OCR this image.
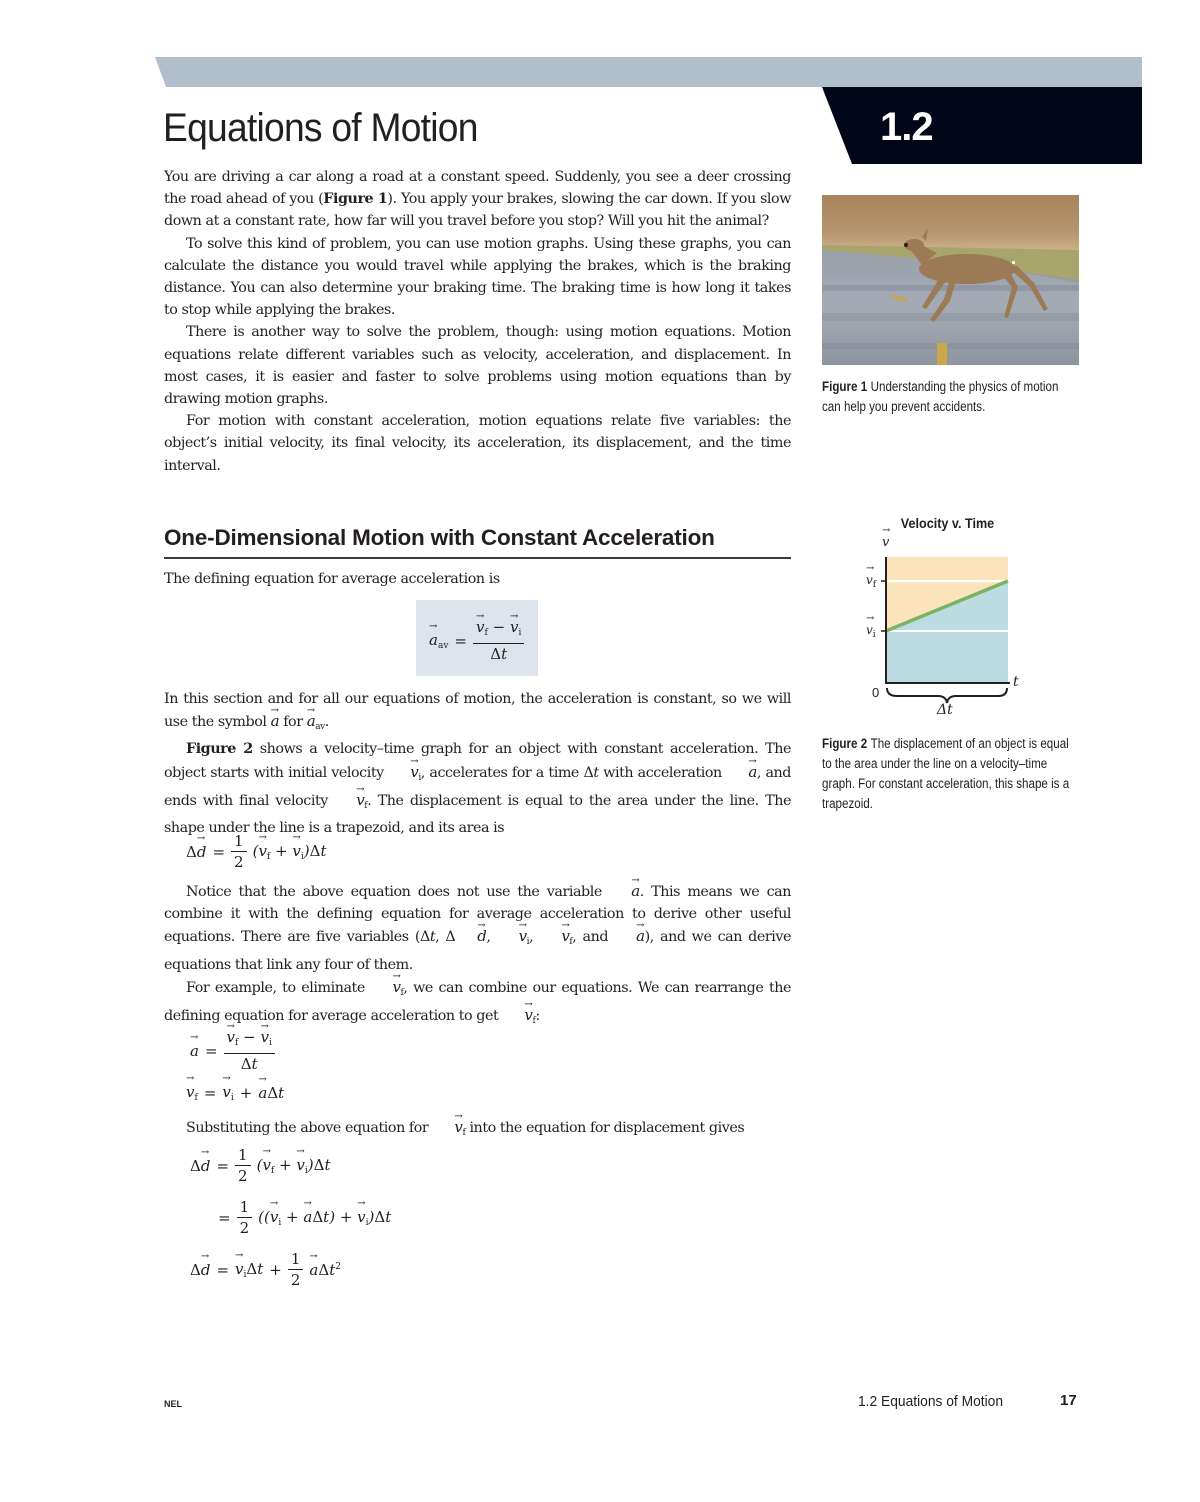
1.2
Equations of Motion

You are driving a car along a road at a constant speed. Suddenly, you see a deer crossing the road ahead of you (Figure 1). You apply your brakes, slowing the car down. If you slow down at a constant rate, how far will you travel before you stop? Will you hit the animal?

To solve this kind of problem, you can use motion graphs. Using these graphs, you can calculate the distance you would travel while applying the brakes, which is the braking distance. You can also determine your braking time. The braking time is how long it takes to stop while applying the brakes.

There is another way to solve the problem, though: using motion equations. Motion equations relate different variables such as velocity, acceleration, and displacement. In most cases, it is easier and faster to solve problems using motion equations than by drawing motion graphs.

For motion with constant acceleration, motion equations relate five variables: the object’s initial velocity, its final velocity, its acceleration, its displacement, and the time interval.

One-Dimensional Motion with Constant Acceleration
The defining equation for average acceleration is
→ $a_{av}$ = → $\frac{v_f - \to v_i}{\Delta t}$

In this section and for all our equations of motion, the acceleration is constant, so we will use the symbol → a for → $a_{av}$.

Figure 2 shows a velocity–time graph for an object with constant acceleration. The object starts with initial velocity → $v_i$, accelerates for a time Δt with acceleration → a, and ends with final velocity → $v_f$. The displacement is equal to the area under the line. The shape under the line is a trapezoid, and its area is

$\Delta\to d = \frac{1}{2}$ (→ $v_f$ + → $v_i)\Delta t$

Notice that the above equation does not use the variable → a. This means we can combine it with the defining equation for average acceleration to derive other useful equations. There are five variables (Δt, Δ → d, → $v_i$, → $v_f$, and → a), and we can derive equations that link any four of them.

For example, to eliminate → $v_f$, we can combine our equations. We can rearrange the defining equation for average acceleration to get → $v_f$:

→ a = → $\frac{v_f - \to v_i}{\Delta t}$
→ $v_f$ = → $v_i$ + → aΔt
Substituting the above equation for → $v_f$ into the equation for displacement gives
$\Delta\to d = \frac{1}{2}$ (→ $v_f$ + → $v_i)\Delta t$
= $\frac{1}{2}$ ((→ $v_i$ + → aΔt) + → $v_i)\Delta t$
Δ→ d = → $v_i\Delta t + \frac{1}{2} \to a\Delta t^2$
Figure 1 Understanding the physics of motion can help you prevent accidents.
Velocity v. Time
→ v
→ $v_f$
→ $v_i$
0
t
Δt
Figure 2 The displacement of an object is equal to the area under the line on a velocity–time graph. For constant acceleration, this shape is a trapezoid.
NEL	1.2 Equations of Motion	17
